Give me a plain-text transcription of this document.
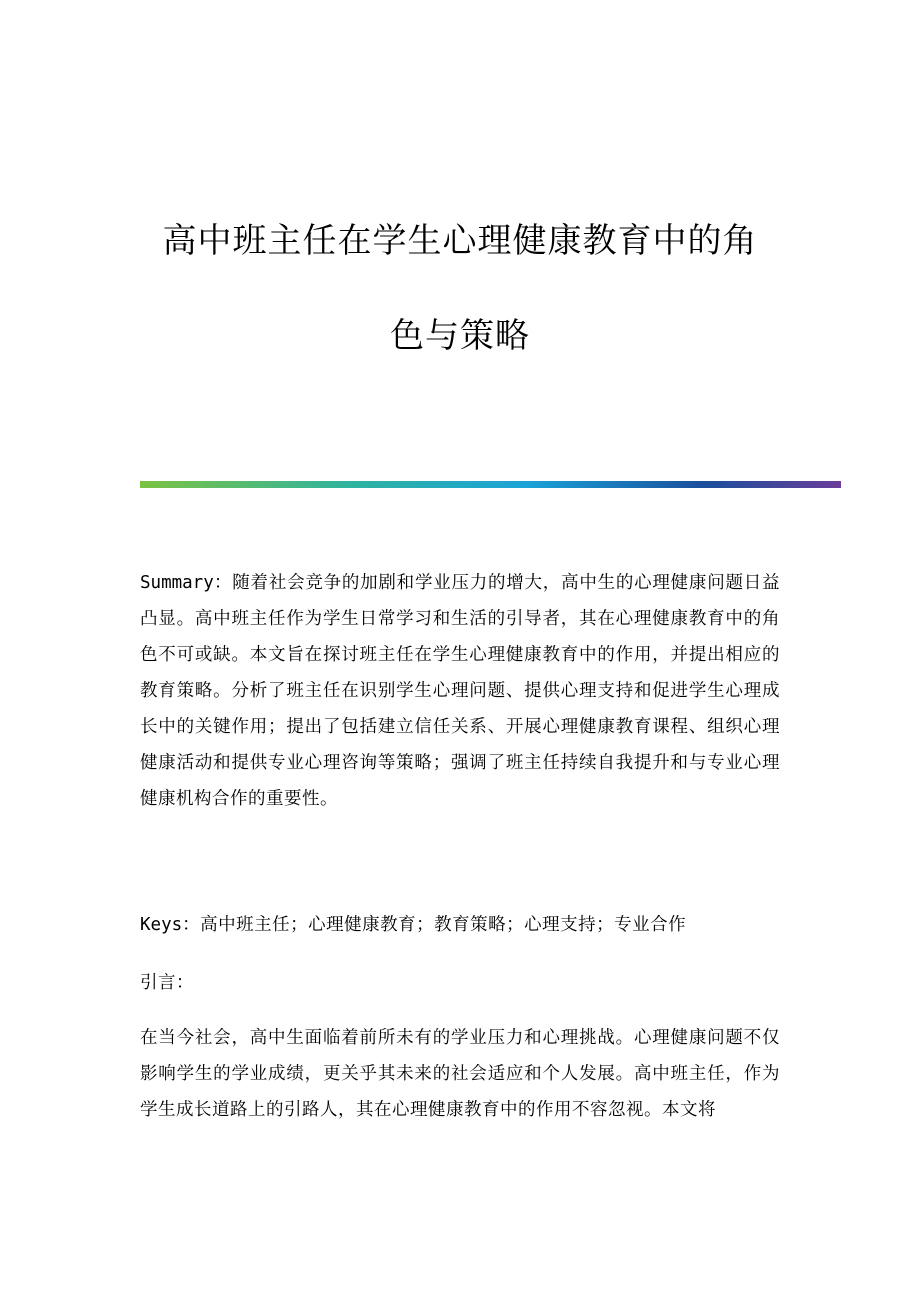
高中班主任在学生心理健康教育中的角
色与策略

Summary：随着社会竞争的加剧和学业压力的增大，高中生的心理健康问题日益凸显。高中班主任作为学生日常学习和生活的引导者，其在心理健康教育中的角色不可或缺。本文旨在探讨班主任在学生心理健康教育中的作用，并提出相应的教育策略。分析了班主任在识别学生心理问题、提供心理支持和促进学生心理成长中的关键作用；提出了包括建立信任关系、开展心理健康教育课程、组织心理健康活动和提供专业心理咨询等策略；强调了班主任持续自我提升和与专业心理健康机构合作的重要性。

Keys：高中班主任；心理健康教育；教育策略；心理支持；专业合作

引言：

在当今社会，高中生面临着前所未有的学业压力和心理挑战。心理健康问题不仅影响学生的学业成绩，更关乎其未来的社会适应和个人发展。高中班主任，作为学生成长道路上的引路人，其在心理健康教育中的作用不容忽视。本文将
